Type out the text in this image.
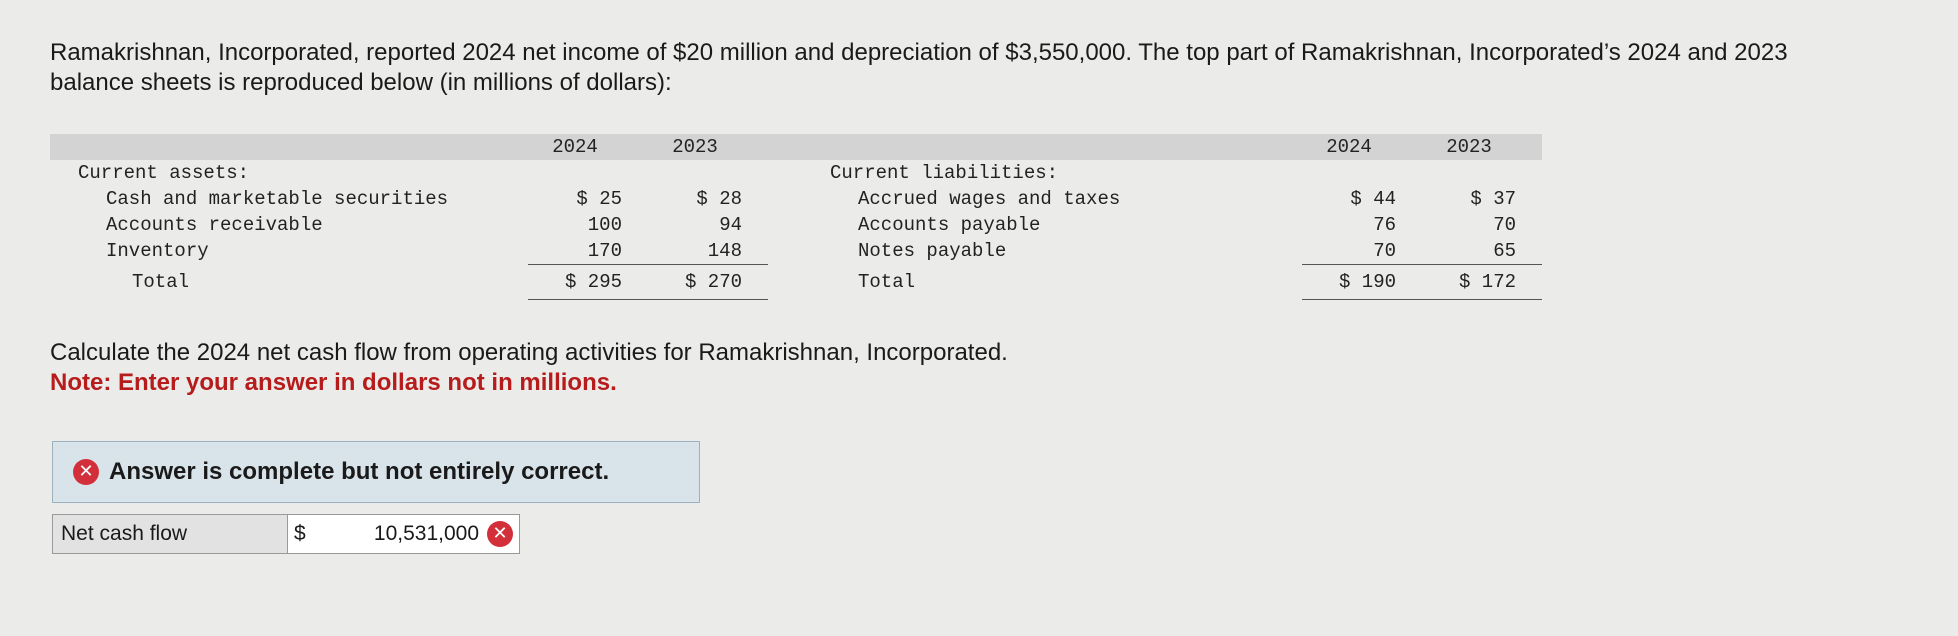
Ramakrishnan, Incorporated, reported 2024 net income of $20 million and depreciation of $3,550,000. The top part of Ramakrishnan, Incorporated’s 2024 and 2023 balance sheets is reproduced below (in millions of dollars):
	2024	2023				2024	2023
Current assets:				Current liabilities:			
Cash and marketable securities	$ 25	$ 28		Accrued wages and taxes		$ 44	$ 37
Accounts receivable	100	94		Accounts payable		76	70
Inventory	170	148		Notes payable		70	65
Total	$ 295	$ 270		Total		$ 190	$ 172
Calculate the 2024 net cash flow from operating activities for Ramakrishnan, Incorporated.
Note: Enter your answer in dollars not in millions.
✕ Answer is complete but not entirely correct.
Net cash flow	$	10,531,000 ✕
